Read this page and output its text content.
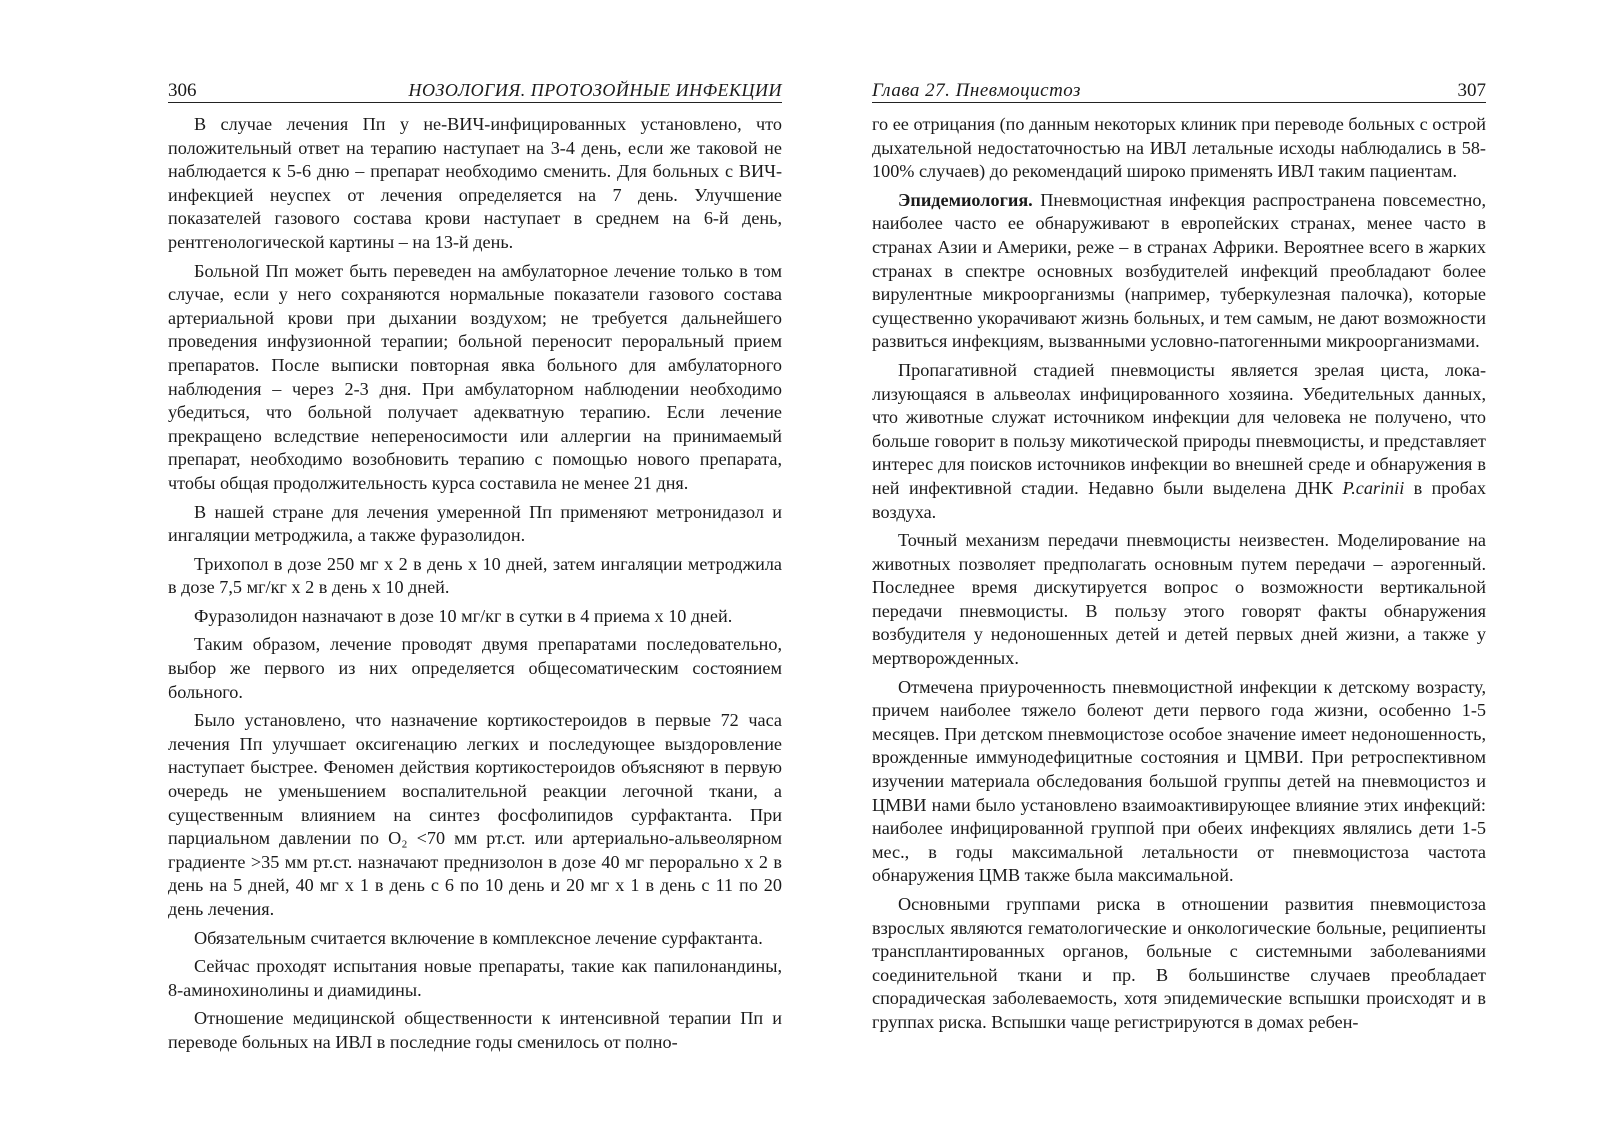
306	НОЗОЛОГИЯ. ПРОТОЗОЙНЫЕ ИНФЕКЦИИ

В случае лечения Пп у не-ВИЧ-инфицированных установлено, что положительный ответ на терапию наступает на 3-4 день, если же таковой не наблюдается к 5-6 дню – препарат необходимо сменить. Для больных с ВИЧ-инфекцией неуспех от лечения определяется на 7 день. Улучшение показателей газового состава крови наступает в среднем на 6-й день, рентгенологической картины – на 13-й день.

Больной Пп может быть переведен на амбулаторное лечение только в том случае, если у него сохраняются нормальные показатели газового состава артериальной крови при дыхании воздухом; не требуется дальнейшего проведения инфузионной терапии; больной переносит пероральный прием препаратов. После выписки повторная явка больного для амбулаторного наблюдения – через 2-3 дня. При амбулаторном наблюдении необходимо убедиться, что больной получает адекватную терапию. Если лечение прекращено вследствие непереносимости или аллергии на принимаемый препарат, необходимо возобновить терапию с помощью нового препарата, чтобы общая продолжительность курса составила не менее 21 дня.

В нашей стране для лечения умеренной Пп применяют метронидазол и ингаляции метроджила, а также фуразолидон.

Трихопол в дозе 250 мг х 2 в день х 10 дней, затем ингаляции метроджила в дозе 7,5 мг/кг х 2 в день х 10 дней.

Фуразолидон назначают в дозе 10 мг/кг в сутки в 4 приема х 10 дней.

Таким образом, лечение проводят двумя препаратами последовательно, выбор же первого из них определяется общесоматическим состоянием больного.

Было установлено, что назначение кортикостероидов в первые 72 часа лечения Пп улучшает оксигенацию легких и последующее выздоровление наступает быстрее. Феномен действия кортикостероидов объясняют в первую очередь не уменьшением воспалительной реакции легочной ткани, а существенным влиянием на синтез фосфолипидов сурфактанта. При парциальном давлении по O₂ <70 мм рт.ст. или артериально-альвеолярном градиенте >35 мм рт.ст. назначают преднизолон в дозе 40 мг перорально х 2 в день на 5 дней, 40 мг х 1 в день с 6 по 10 день и 20 мг х 1 в день с 11 по 20 день лечения.

Обязательным считается включение в комплексное лечение сурфактанта.

Сейчас проходят испытания новые препараты, такие как папилонандины, 8-аминохинолины и диамидины.

Отношение медицинской общественности к интенсивной терапии Пп и переводе больных на ИВЛ в последние годы сменилось от полно-

Глава 27. Пневмоцистоз	307

го ее отрицания (по данным некоторых клиник при переводе больных с острой дыхательной недостаточностью на ИВЛ летальные исходы наблюдались в 58-100% случаев) до рекомендаций широко применять ИВЛ таким пациентам.

Эпидемиология. Пневмоцистная инфекция распространена повсеместно, наиболее часто ее обнаруживают в европейских странах, менее часто в странах Азии и Америки, реже – в странах Африки. Вероятнее всего в жарких странах в спектре основных возбудителей инфекций преобладают более вирулентные микроорганизмы (например, туберкулезная палочка), которые существенно укорачивают жизнь больных, и тем самым, не дают возможности развиться инфекциям, вызванными условно-патогенными микроорганизмами.

Пропагативной стадией пневмоцисты является зрелая циста, локализующаяся в альвеолах инфицированного хозяина. Убедительных данных, что животные служат источником инфекции для человека не получено, что больше говорит в пользу микотической природы пневмоцисты, и представляет интерес для поисков источников инфекции во внешней среде и обнаружения в ней инфективной стадии. Недавно были выделена ДНК P.carinii в пробах воздуха.

Точный механизм передачи пневмоцисты неизвестен. Моделирование на животных позволяет предполагать основным путем передачи – аэрогенный. Последнее время дискутируется вопрос о возможности вертикальной передачи пневмоцисты. В пользу этого говорят факты обнаружения возбудителя у недоношенных детей и детей первых дней жизни, а также у мертворожденных.

Отмечена приуроченность пневмоцистной инфекции к детскому возрасту, причем наиболее тяжело болеют дети первого года жизни, особенно 1-5 месяцев. При детском пневмоцистозе особое значение имеет недоношенность, врожденные иммунодефицитные состояния и ЦМВИ. При ретроспективном изучении материала обследования большой группы детей на пневмоцистоз и ЦМВИ нами было установлено взаимоактивирующее влияние этих инфекций: наиболее инфицированной группой при обеих инфекциях являлись дети 1-5 мес., в годы максимальной летальности от пневмоцистоза частота обнаружения ЦМВ также была максимальной.

Основными группами риска в отношении развития пневмоцистоза взрослых являются гематологические и онкологические больные, реципиенты трансплантированных органов, больные с системными заболеваниями соединительной ткани и пр. В большинстве случаев преобладает спорадическая заболеваемость, хотя эпидемические вспышки происходят и в группах риска. Вспышки чаще регистрируются в домах ребен-
